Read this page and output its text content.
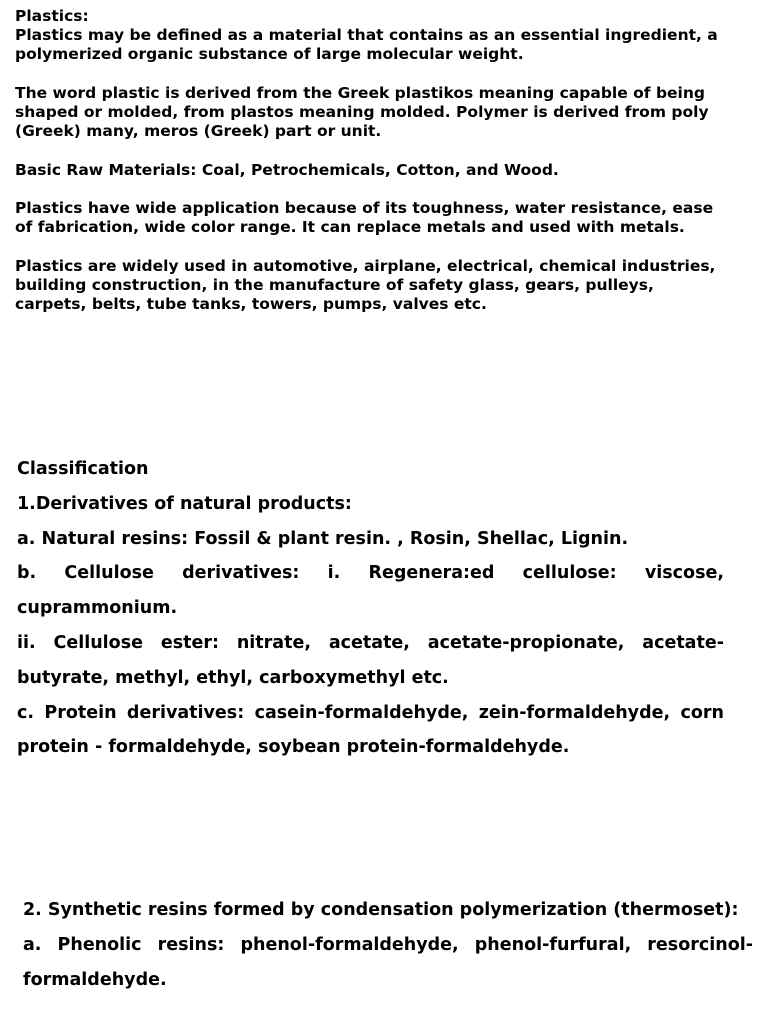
Plastics:

Plastics may be defined as a material that contains as an essential ingredient, a polymerized organic substance of large molecular weight.

The word plastic is derived from the Greek plastikos meaning capable of being shaped or molded, from plastos meaning molded. Polymer is derived from poly (Greek) many, meros (Greek) part or unit.

Basic Raw Materials: Coal, Petrochemicals, Cotton, and Wood.

Plastics have wide application because of its toughness, water resistance, ease of fabrication, wide color range. It can replace metals and used with metals.

Plastics are widely used in automotive, airplane, electrical, chemical industries, building construction, in the manufacture of safety glass, gears, pulleys, carpets, belts, tube tanks, towers, pumps, valves etc.

Classification

1.Derivatives of natural products:

a. Natural resins: Fossil & plant resin. , Rosin, Shellac, Lignin.

b. Cellulose derivatives: i. Regenera:ed cellulose: viscose, cuprammonium.

ii. Cellulose ester: nitrate, acetate, acetate-propionate, acetate-butyrate, methyl, ethyl, carboxymethyl etc.

c. Protein derivatives: casein-formaldehyde, zein-formaldehyde, corn protein - formaldehyde, soybean protein-formaldehyde.

2. Synthetic resins formed by condensation polymerization (thermoset):

a. Phenolic resins: phenol-formaldehyde, phenol-furfural, resorcinol-formaldehyde.
